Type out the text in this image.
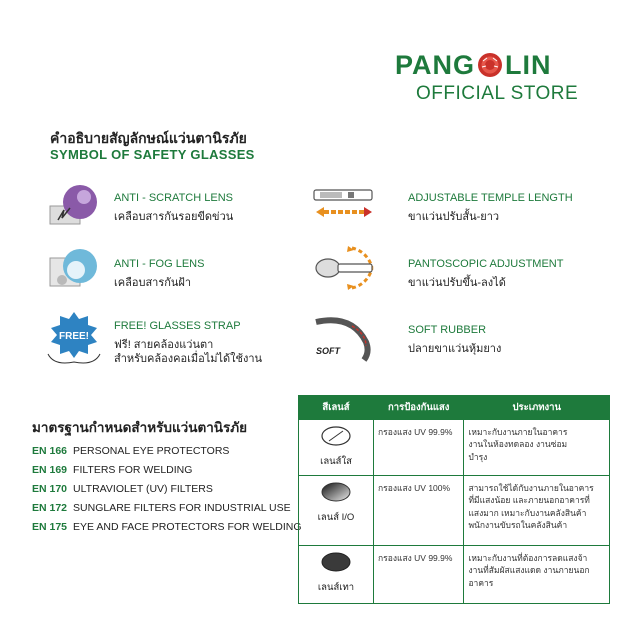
PANG LIN
OFFICIAL STORE
คำอธิบายสัญลักษณ์แว่นตานิรภัย
SYMBOL OF SAFETY GLASSES
ANTI - SCRATCH LENS
เคลือบสารกันรอยขีดข่วน
ADJUSTABLE TEMPLE LENGTH
ขาแว่นปรับสั้น-ยาว
ANTI - FOG LENS
เคลือบสารกันฝ้า
PANTOSCOPIC ADJUSTMENT
ขาแว่นปรับขึ้น-ลงได้
FREE!
FREE! GLASSES STRAP
ฟรี! สายคล้องแว่นตา
สำหรับคล้องคอเมื่อไม่ได้ใช้งาน
SOFT
SOFT RUBBER
ปลายขาแว่นหุ้มยาง
มาตรฐานกำหนดสำหรับแว่นตานิรภัย
EN 166 PERSONAL EYE PROTECTORS
EN 169 FILTERS FOR WELDING
EN 170 ULTRAVIOLET (UV) FILTERS
EN 172 SUNGLARE FILTERS FOR INDUSTRIAL USE
EN 175 EYE AND FACE PROTECTORS FOR WELDING
สีเลนส์	การป้องกันแสง	ประเภทงาน

เลนส์ใส	กรองแสง UV 99.9%	เหมาะกับงานภายในอาคาร
งานในห้องทดลอง งานซ่อม
บำรุง

เลนส์ I/O	กรองแสง UV 100%	สามารถใช้ได้กับงานภายในอาคาร
ที่มีแสงน้อย และภายนอกอาคารที่
แสงมาก เหมาะกับงานคลังสินค้า
พนักงานขับรถในคลังสินค้า

เลนส์เทา	กรองแสง UV 99.9%	เหมาะกับงานที่ต้องการลดแสงจ้า
งานที่สัมผัสแสงแดด งานภายนอก
อาคาร
